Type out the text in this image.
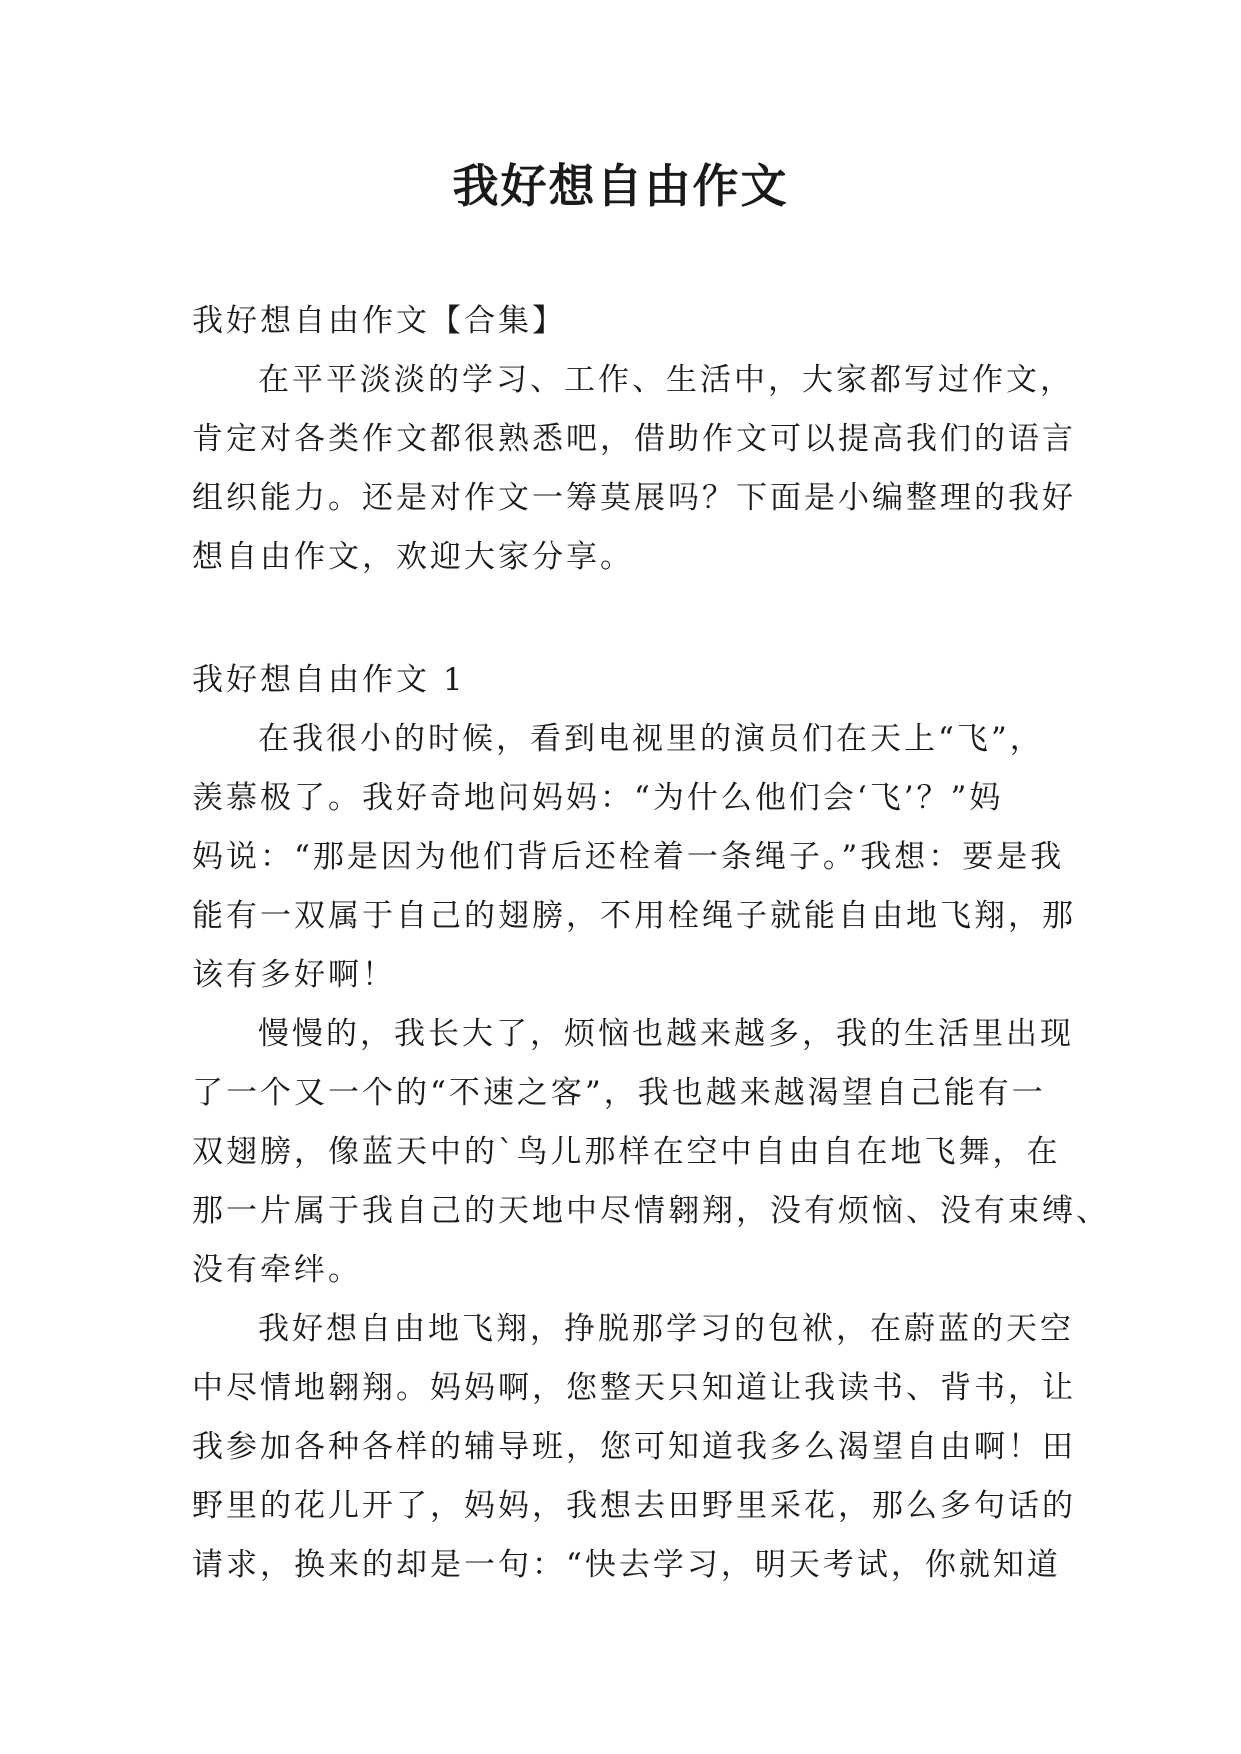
我好想自由作文
我好想自由作文【合集】
在平平淡淡的学习、工作、生活中，大家都写过作文，
肯定对各类作文都很熟悉吧，借助作文可以提高我们的语言
组织能力。还是对作文一筹莫展吗？下面是小编整理的我好
想自由作文，欢迎大家分享。
我好想自由作文 1
在我很小的时候，看到电视里的演员们在天上“飞”，
羡慕极了。我好奇地问妈妈：“为什么他们会‘飞’？”妈
妈说：“那是因为他们背后还栓着一条绳子。”我想：要是我
能有一双属于自己的翅膀，不用栓绳子就能自由地飞翔，那
该有多好啊！
慢慢的，我长大了，烦恼也越来越多，我的生活里出现
了一个又一个的“不速之客”，我也越来越渴望自己能有一
双翅膀，像蓝天中的`鸟儿那样在空中自由自在地飞舞，在
那一片属于我自己的天地中尽情翱翔，没有烦恼、没有束缚、
没有牵绊。
我好想自由地飞翔，挣脱那学习的包袱，在蔚蓝的天空
中尽情地翱翔。妈妈啊，您整天只知道让我读书、背书，让
我参加各种各样的辅导班，您可知道我多么渴望自由啊！田
野里的花儿开了，妈妈，我想去田野里采花，那么多句话的
请求，换来的却是一句：“快去学习，明天考试，你就知道
